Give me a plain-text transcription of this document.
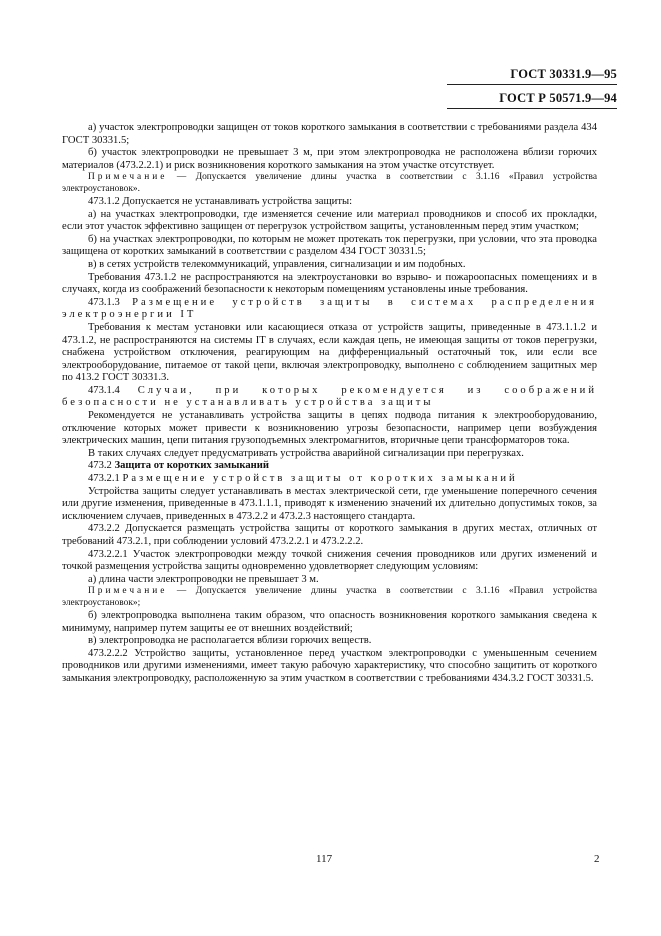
ГОСТ 30331.9—95
ГОСТ Р 50571.9—94

а) участок электропроводки защищен от токов короткого замыкания в соответствии с требованиями раздела 434 ГОСТ 30331.5;

б) участок электропроводки не превышает 3 м, при этом электропроводка не расположена вблизи горючих материалов (473.2.2.1) и риск возникновения короткого замыкания на этом участке отсутствует.

Примечание — Допускается увеличение длины участка в соответствии с 3.1.16 «Правил устройства электроустановок».

473.1.2 Допускается не устанавливать устройства защиты:

а) на участках электропроводки, где изменяется сечение или материал проводников и способ их прокладки, если этот участок эффективно защищен от перегрузок устройством защиты, установленным перед этим участком;

б) на участках электропроводки, по которым не может протекать ток перегрузки, при условии, что эта проводка защищена от коротких замыканий в соответствии с разделом 434 ГОСТ 30331.5;

в) в сетях устройств телекоммуникаций, управления, сигнализации и им подобных.

Требования 473.1.2 не распространяются на электроустановки во взрыво- и пожароопасных помещениях и в случаях, когда из соображений безопасности к некоторым помещениям установлены иные требования.

473.1.3 Размещение устройств защиты в системах распределения электроэнергии IT

Требования к местам установки или касающиеся отказа от устройств защиты, приведенные в 473.1.1.2 и 473.1.2, не распространяются на системы IT в случаях, если каждая цепь, не имеющая защиты от токов перегрузки, снабжена устройством отключения, реагирующим на дифференциальный остаточный ток, или если все электрооборудование, питаемое от такой цепи, включая электропроводку, выполнено с соблюдением защитных мер по 413.2 ГОСТ 30331.3.

473.1.4 Случаи, при которых рекомендуется из соображений безопасности не устанавливать устройства защиты

Рекомендуется не устанавливать устройства защиты в цепях подвода питания к электрооборудованию, отключение которых может привести к возникновению угрозы безопасности, например цепи возбуждения электрических машин, цепи питания грузоподъемных электромагнитов, вторичные цепи трансформаторов тока.

В таких случаях следует предусматривать устройства аварийной сигнализации при перегрузках.

473.2 Защита от коротких замыканий

473.2.1 Размещение устройств защиты от коротких замыканий

Устройства защиты следует устанавливать в местах электрической сети, где уменьшение поперечного сечения или другие изменения, приведенные в 473.1.1.1, приводят к изменению значений их длительно допустимых токов, за исключением случаев, приведенных в 473.2.2 и 473.2.3 настоящего стандарта.

473.2.2 Допускается размещать устройства защиты от короткого замыкания в других местах, отличных от требований 473.2.1, при соблюдении условий 473.2.2.1 и 473.2.2.2.

473.2.2.1 Участок электропроводки между точкой снижения сечения проводников или других изменений и точкой размещения устройства защиты одновременно удовлетворяет следующим условиям:

а) длина части электропроводки не превышает 3 м.

Примечание — Допускается увеличение длины участка в соответствии с 3.1.16 «Правил устройства электроустановок»;

б) электропроводка выполнена таким образом, что опасность возникновения короткого замыкания сведена к минимуму, например путем защиты ее от внешних воздействий;

в) электропроводка не располагается вблизи горючих веществ.

473.2.2.2 Устройство защиты, установленное перед участком электропроводки с уменьшенным сечением проводников или другими изменениями, имеет такую рабочую характеристику, что способно защитить от короткого замыкания электропроводку, расположенную за этим участком в соответствии с требованиями 434.3.2 ГОСТ 30331.5.

117	2
